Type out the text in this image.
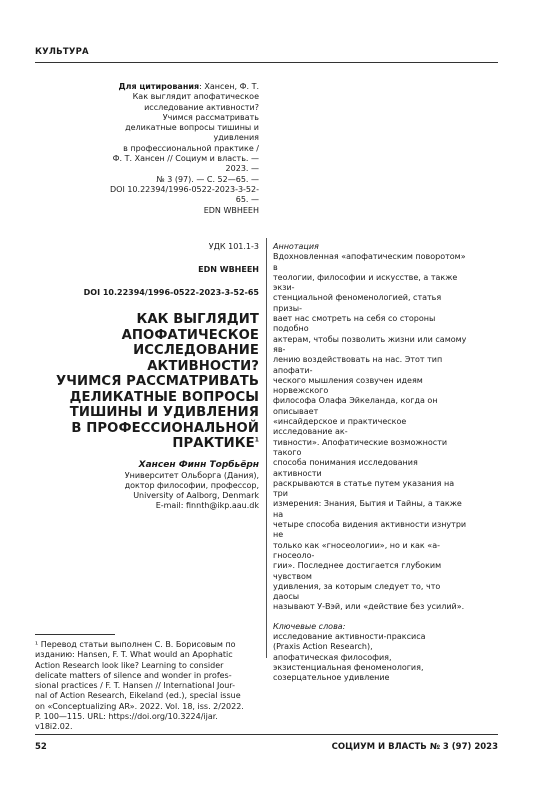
КУЛЬТУРА
Для цитирования: Хансен, Ф. Т.
Как выглядит апофатическое
исследование активности?
Учимся рассматривать
деликатные вопросы тишины и удивления
в профессиональной практике /
Ф. Т. Хансен // Социум и власть. — 2023. —
№ 3 (97). — С. 52—65. —
DOI 10.22394/1996-0522-2023-3-52-65. —
EDN WBHEEH
УДК 101.1-3
EDN WBHEEH
DOI 10.22394/1996-0522-2023-3-52-65
КАК ВЫГЛЯДИТ
АПОФАТИЧЕСКОЕ
ИССЛЕДОВАНИЕ
АКТИВНОСТИ?
УЧИМСЯ РАССМАТРИВАТЬ
ДЕЛИКАТНЫЕ ВОПРОСЫ
ТИШИНЫ И УДИВЛЕНИЯ
В ПРОФЕССИОНАЛЬНОЙ
ПРАКТИКЕ$^1$
Хансен Финн Торбьёрн
Университет Ольборга (Дания),
доктор философии, профессор,
University of Aalborg, Denmark
E-mail: finnth@ikp.aau.dk
Аннотация
Вдохновленная «апофатическим поворотом» в
теологии, философии и искусстве, а также экзи-
стенциальной феноменологией, статья призы-
вает нас смотреть на себя со стороны подобно
актерам, чтобы позволить жизни или самому яв-
лению воздействовать на нас. Этот тип апофати-
ческого мышления созвучен идеям норвежского
философа Олафа Эйкеланда, когда он описывает
«инсайдерское и практическое исследование ак-
тивности». Апофатические возможности такого
способа понимания исследования активности
раскрываются в статье путем указания на три
измерения: Знания, Бытия и Тайны, а также на
четыре способа видения активности изнутри не
только как «гносеологии», но и как «а-гносеоло-
гии». Последнее достигается глубоким чувством
удивления, за которым следует то, что даосы
называют У-Вэй, или «действие без усилий».
Ключевые слова:
исследование активности-праксиса
(Praxis Action Research),
апофатическая философия,
экзистенциальная феноменология,
созерцательное удивление
¹ Перевод статьи выполнен С. В. Борисовым по
изданию: Hansen, F. T. What would an Apophatic
Action Research look like? Learning to consider
delicate matters of silence and wonder in profes-
sional practices / F. T. Hansen // International Jour-
nal of Action Research, Eikeland (ed.), special issue
on «Conceptualizing AR». 2022. Vol. 18, iss. 2/2022.
P. 100—115. URL: https://doi.org/10.3224/ijar.
v18i2.02.
52	СОЦИУМ И ВЛАСТЬ № 3 (97) 2023
